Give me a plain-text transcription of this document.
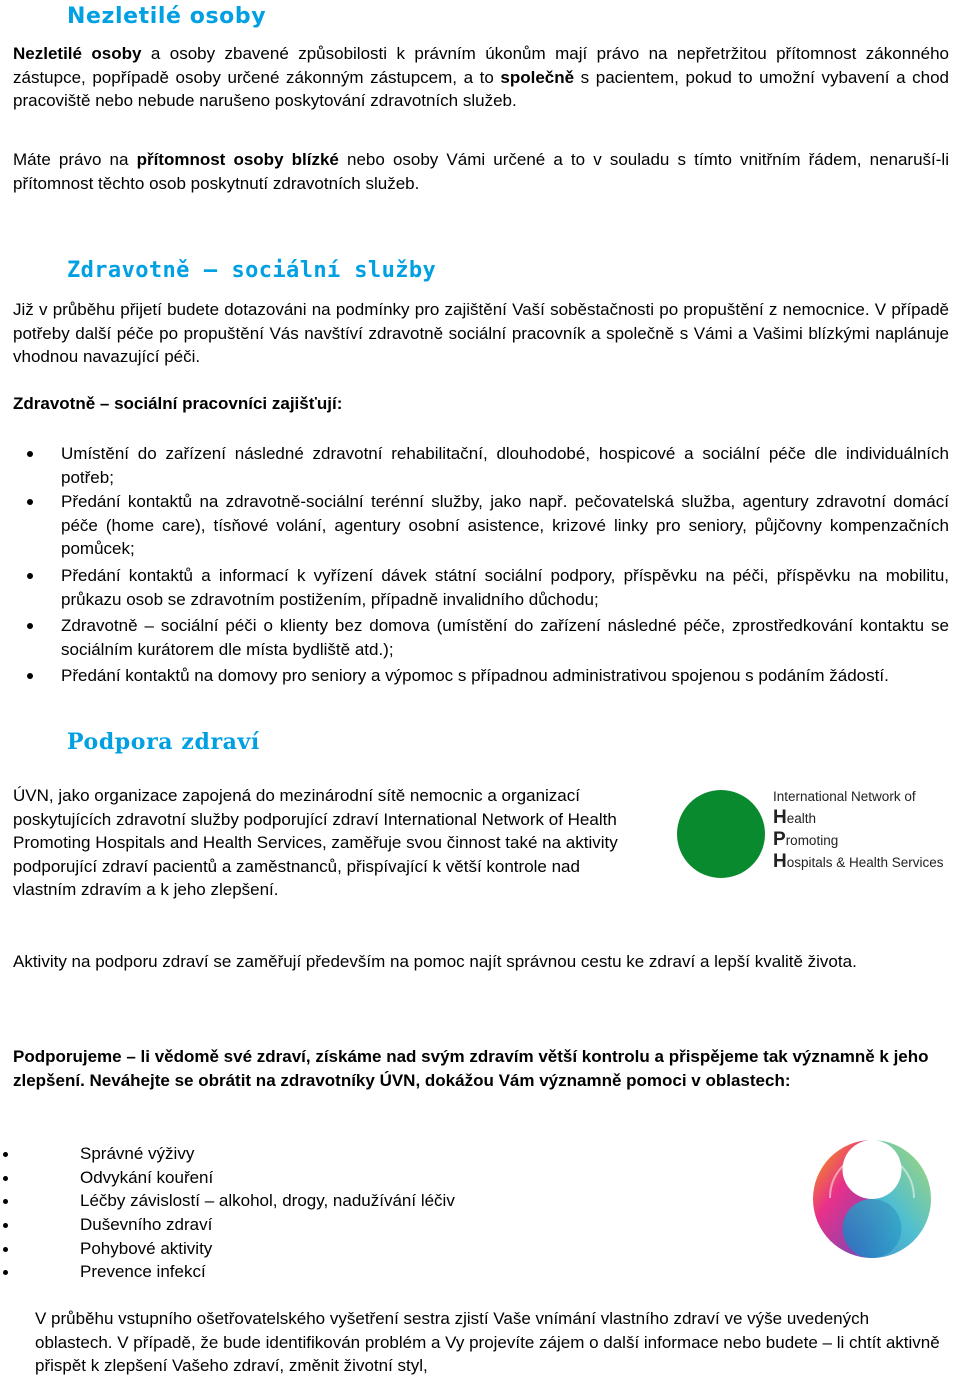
Nezletilé osoby
Nezletilé osoby a osoby zbavené způsobilosti k právním úkonům mají právo na nepřetržitou přítomnost zákonného zástupce, popřípadě osoby určené zákonným zástupcem, a to společně s pacientem, pokud to umožní vybavení a chod pracoviště nebo nebude narušeno poskytování zdravotních služeb.
Máte právo na přítomnost osoby blízké nebo osoby Vámi určené a to v souladu s tímto vnitřním řádem, nenaruší-li přítomnost těchto osob poskytnutí zdravotních služeb.
Zdravotně – sociální služby
Již v průběhu přijetí budete dotazováni na podmínky pro zajištění Vaší soběstačnosti po propuštění z nemocnice. V případě potřeby další péče po propuštění Vás navštíví zdravotně sociální pracovník a společně s Vámi a Vašimi blízkými naplánuje vhodnou navazující péči.
Zdravotně – sociální pracovníci zajišťují:
Umístění do zařízení následné zdravotní rehabilitační, dlouhodobé, hospicové a sociální péče dle individuálních potřeb;
Předání kontaktů na zdravotně-sociální terénní služby, jako např. pečovatelská služba, agentury zdravotní domácí péče (home care), tísňové volání, agentury osobní asistence, krizové linky pro seniory, půjčovny kompenzačních pomůcek;
Předání kontaktů a informací k vyřízení dávek státní sociální podpory, příspěvku na péči, příspěvku na mobilitu, průkazu osob se zdravotním postižením, případně invalidního důchodu;
Zdravotně – sociální péči o klienty bez domova (umístění do zařízení následné péče, zprostředkování kontaktu se sociálním kurátorem dle místa bydliště atd.);
Předání kontaktů na domovy pro seniory a výpomoc s případnou administrativou spojenou s podáním žádostí.
Podpora zdraví
ÚVN, jako organizace zapojená do mezinárodní sítě nemocnic a organizací poskytujících zdravotní služby podporující zdraví International Network of Health Promoting Hospitals and Health Services, zaměřuje svou činnost také na aktivity podporující zdraví pacientů a zaměstnanců, přispívající k větší kontrole nad vlastním zdravím a k jeho zlepšení.
International Network of
Health
Promoting
Hospitals & Health Services
Aktivity na podporu zdraví se zaměřují především na pomoc najít správnou cestu ke zdraví a lepší kvalitě života.
Podporujeme – li vědomě své zdraví, získáme nad svým zdravím větší kontrolu a přispějeme tak významně k jeho zlepšení. Neváhejte se obrátit na zdravotníky ÚVN, dokážou Vám významně pomoci v oblastech:
Správné výživy
Odvykání kouření
Léčby závislostí – alkohol, drogy, nadužívání léčiv
Duševního zdraví
Pohybové aktivity
Prevence infekcí
V průběhu vstupního ošetřovatelského vyšetření sestra zjistí Vaše vnímání vlastního zdraví ve výše uvedených oblastech. V případě, že bude identifikován problém a Vy projevíte zájem o další informace nebo budete – li chtít aktivně přispět k zlepšení Vašeho zdraví, změnit životní styl,
